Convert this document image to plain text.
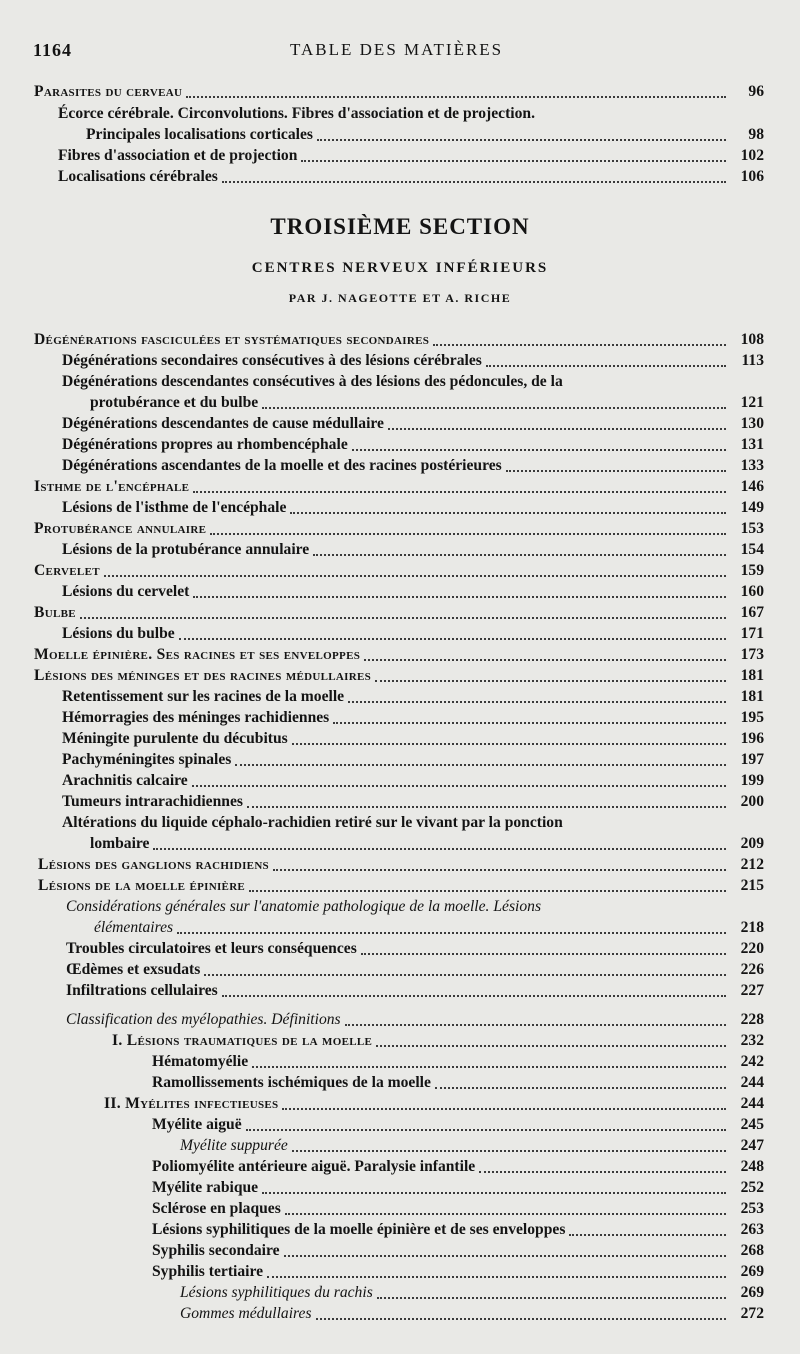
1164	TABLE DES MATIÈRES
TROISIÈME SECTION
CENTRES NERVEUX INFÉRIEURS
PAR J. NAGEOTTE ET A. RICHE
Parasites du cerveau	96
Écorce cérébrale. Circonvolutions. Fibres d'association et de projection.
Principales localisations corticales	98
Fibres d'association et de projection	102
Localisations cérébrales	106
Dégénérations fasciculées et systématiques secondaires	108
Dégénérations secondaires consécutives à des lésions cérébrales	113
Dégénérations descendantes consécutives à des lésions des pédoncules, de la
protubérance et du bulbe	121
Dégénérations descendantes de cause médullaire	130
Dégénérations propres au rhombencéphale	131
Dégénérations ascendantes de la moelle et des racines postérieures	133
Isthme de l'encéphale	146
Lésions de l'isthme de l'encéphale	149
Protubérance annulaire	153
Lésions de la protubérance annulaire	154
Cervelet	159
Lésions du cervelet	160
Bulbe	167
Lésions du bulbe	171
Moelle épinière. Ses racines et ses enveloppes	173
Lésions des méninges et des racines médullaires	181
Retentissement sur les racines de la moelle	181
Hémorragies des méninges rachidiennes	195
Méningite purulente du décubitus	196
Pachyméningites spinales	197
Arachnitis calcaire	199
Tumeurs intrarachidiennes	200
Altérations du liquide céphalo-rachidien retiré sur le vivant par la ponction
lombaire	209
Lésions des ganglions rachidiens	212
Lésions de la moelle épinière	215
Considérations générales sur l'anatomie pathologique de la moelle. Lésions
élémentaires	218
Troubles circulatoires et leurs conséquences	220
Œdèmes et exsudats	226
Infiltrations cellulaires	227
Classification des myélopathies. Définitions	228
I. Lésions traumatiques de la moelle	232
Hématomyélie	242
Ramollissements ischémiques de la moelle	244
II. Myélites infectieuses	244
Myélite aiguë	245
Myélite suppurée	247
Poliomyélite antérieure aiguë. Paralysie infantile	248
Myélite rabique	252
Sclérose en plaques	253
Lésions syphilitiques de la moelle épinière et de ses enveloppes	263
Syphilis secondaire	268
Syphilis tertiaire	269
Lésions syphilitiques du rachis	269
Gommes médullaires	272
